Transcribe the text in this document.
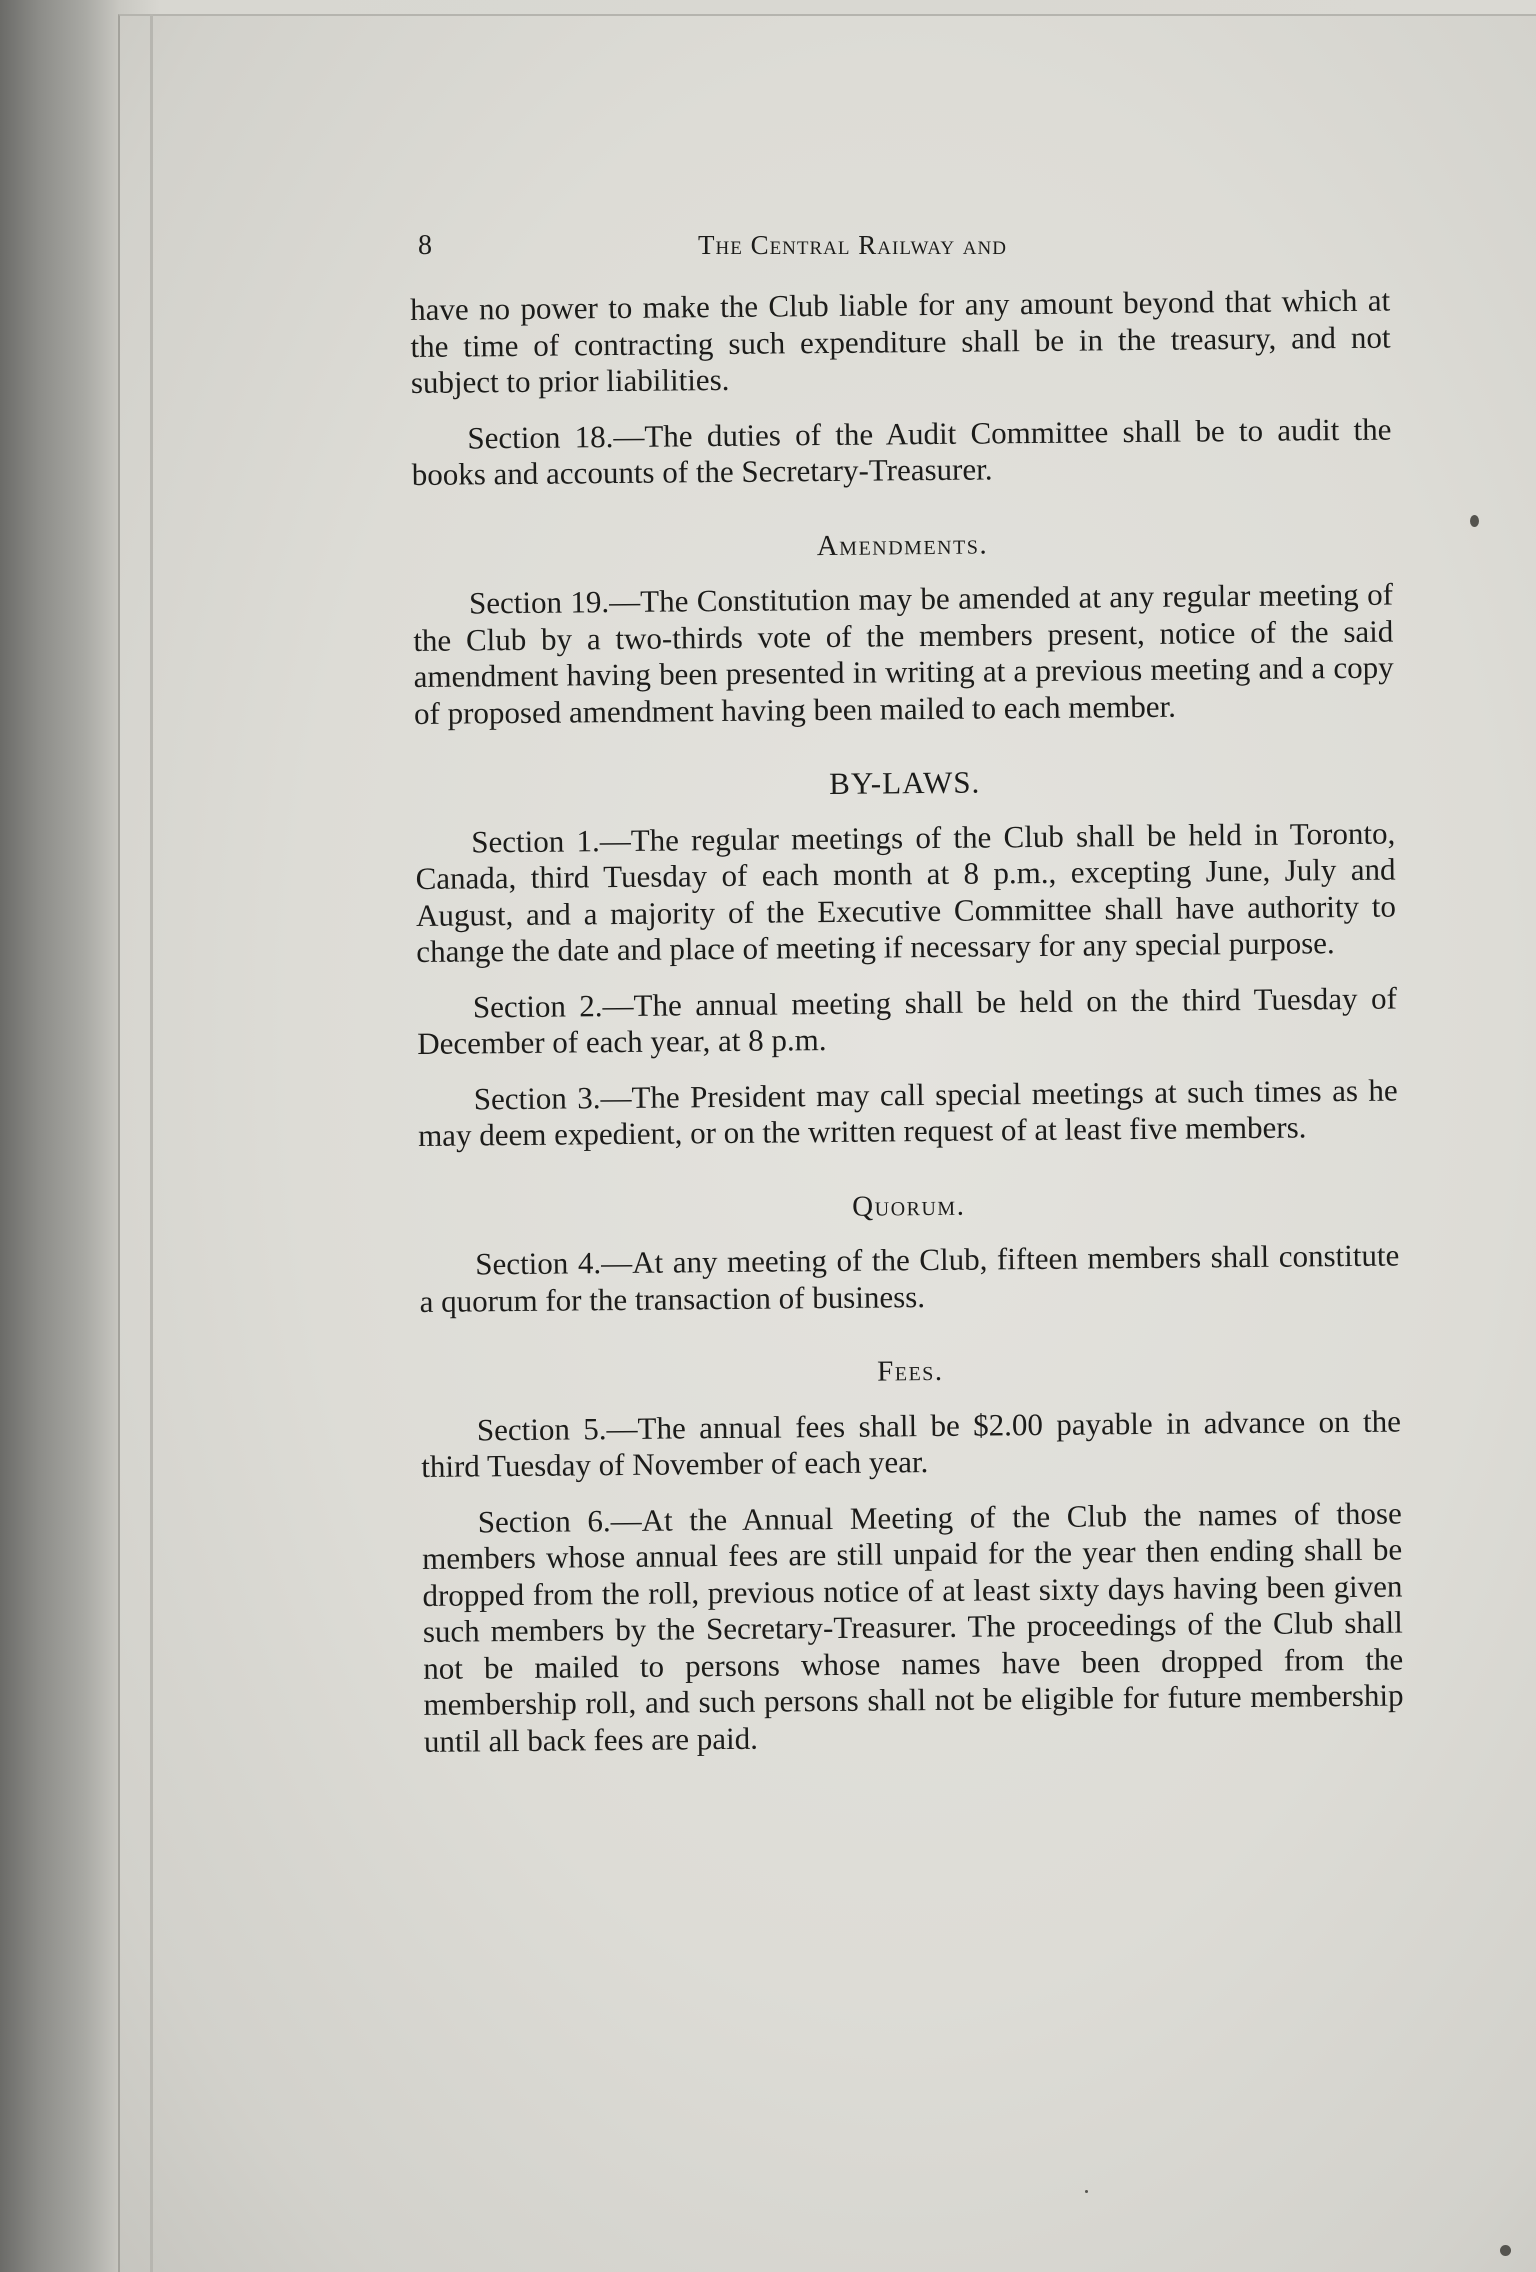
8	The Central Railway and

have no power to make the Club liable for any amount beyond that which at the time of contracting such expenditure shall be in the treasury, and not subject to prior liabilities.

Section 18.—The duties of the Audit Committee shall be to audit the books and accounts of the Secretary-Treasurer.

Amendments.

Section 19.—The Constitution may be amended at any regular meeting of the Club by a two-thirds vote of the members present, notice of the said amendment having been presented in writing at a previous meeting and a copy of proposed amendment having been mailed to each member.

BY-LAWS.

Section 1.—The regular meetings of the Club shall be held in Toronto, Canada, third Tuesday of each month at 8 p.m., excepting June, July and August, and a majority of the Executive Committee shall have authority to change the date and place of meeting if necessary for any special purpose.

Section 2.—The annual meeting shall be held on the third Tuesday of December of each year, at 8 p.m.

Section 3.—The President may call special meetings at such times as he may deem expedient, or on the written request of at least five members.

Quorum.

Section 4.—At any meeting of the Club, fifteen members shall constitute a quorum for the transaction of business.

Fees.

Section 5.—The annual fees shall be $2.00 payable in advance on the third Tuesday of November of each year.

Section 6.—At the Annual Meeting of the Club the names of those members whose annual fees are still unpaid for the year then ending shall be dropped from the roll, previous notice of at least sixty days having been given such members by the Secretary-Treasurer. The proceedings of the Club shall not be mailed to persons whose names have been dropped from the membership roll, and such persons shall not be eligible for future membership until all back fees are paid.
